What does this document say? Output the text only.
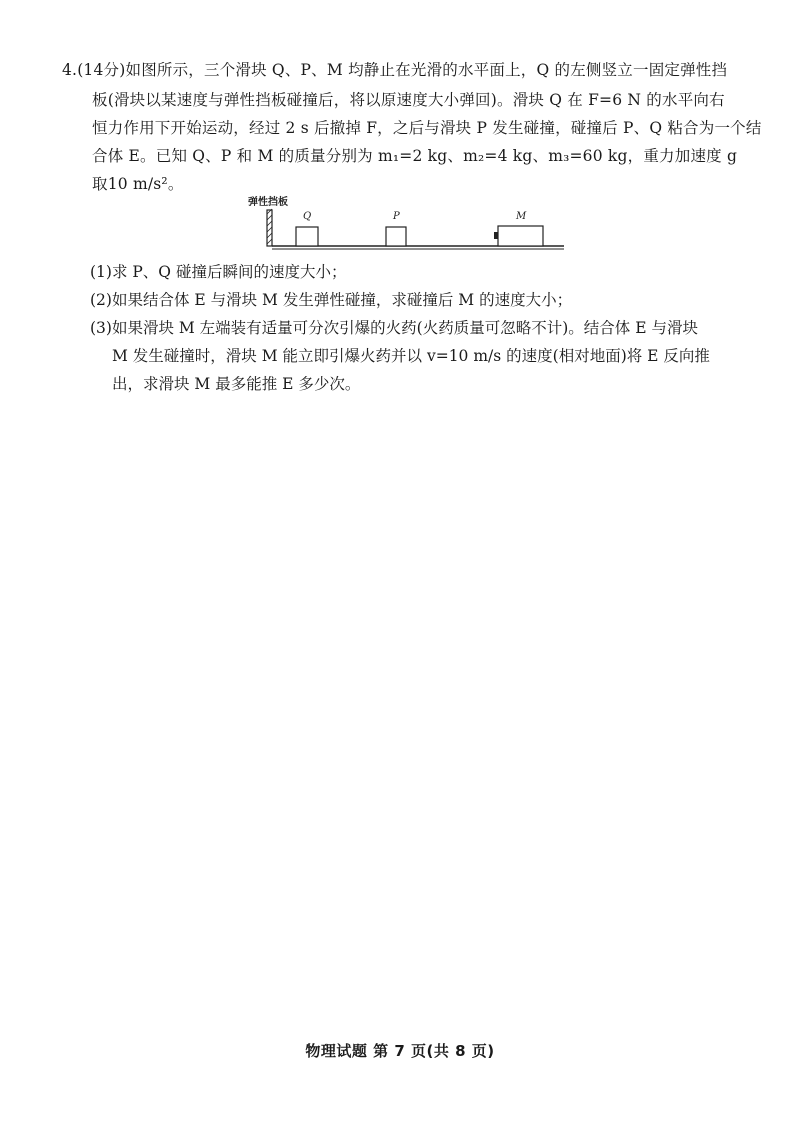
4.(14分)如图所示，三个滑块 Q、P、M 均静止在光滑的水平面上，Q 的左侧竖立一固定弹性挡
板(滑块以某速度与弹性挡板碰撞后，将以原速度大小弹回)。滑块 Q 在 F=6 N 的水平向右
恒力作用下开始运动，经过 2 s 后撤掉 F，之后与滑块 P 发生碰撞，碰撞后 P、Q 粘合为一个结
合体 E。已知 Q、P 和 M 的质量分别为 m₁=2 kg、m₂=4 kg、m₃=60 kg，重力加速度 g
取10 m/s²。
弹性挡板
Q	P	M
(1)求 P、Q 碰撞后瞬间的速度大小；
(2)如果结合体 E 与滑块 M 发生弹性碰撞，求碰撞后 M 的速度大小；
(3)如果滑块 M 左端装有适量可分次引爆的火药(火药质量可忽略不计)。结合体 E 与滑块
M 发生碰撞时，滑块 M 能立即引爆火药并以 v=10 m/s 的速度(相对地面)将 E 反向推
出，求滑块 M 最多能推 E 多少次。
物理试题 第 7 页(共 8 页)
